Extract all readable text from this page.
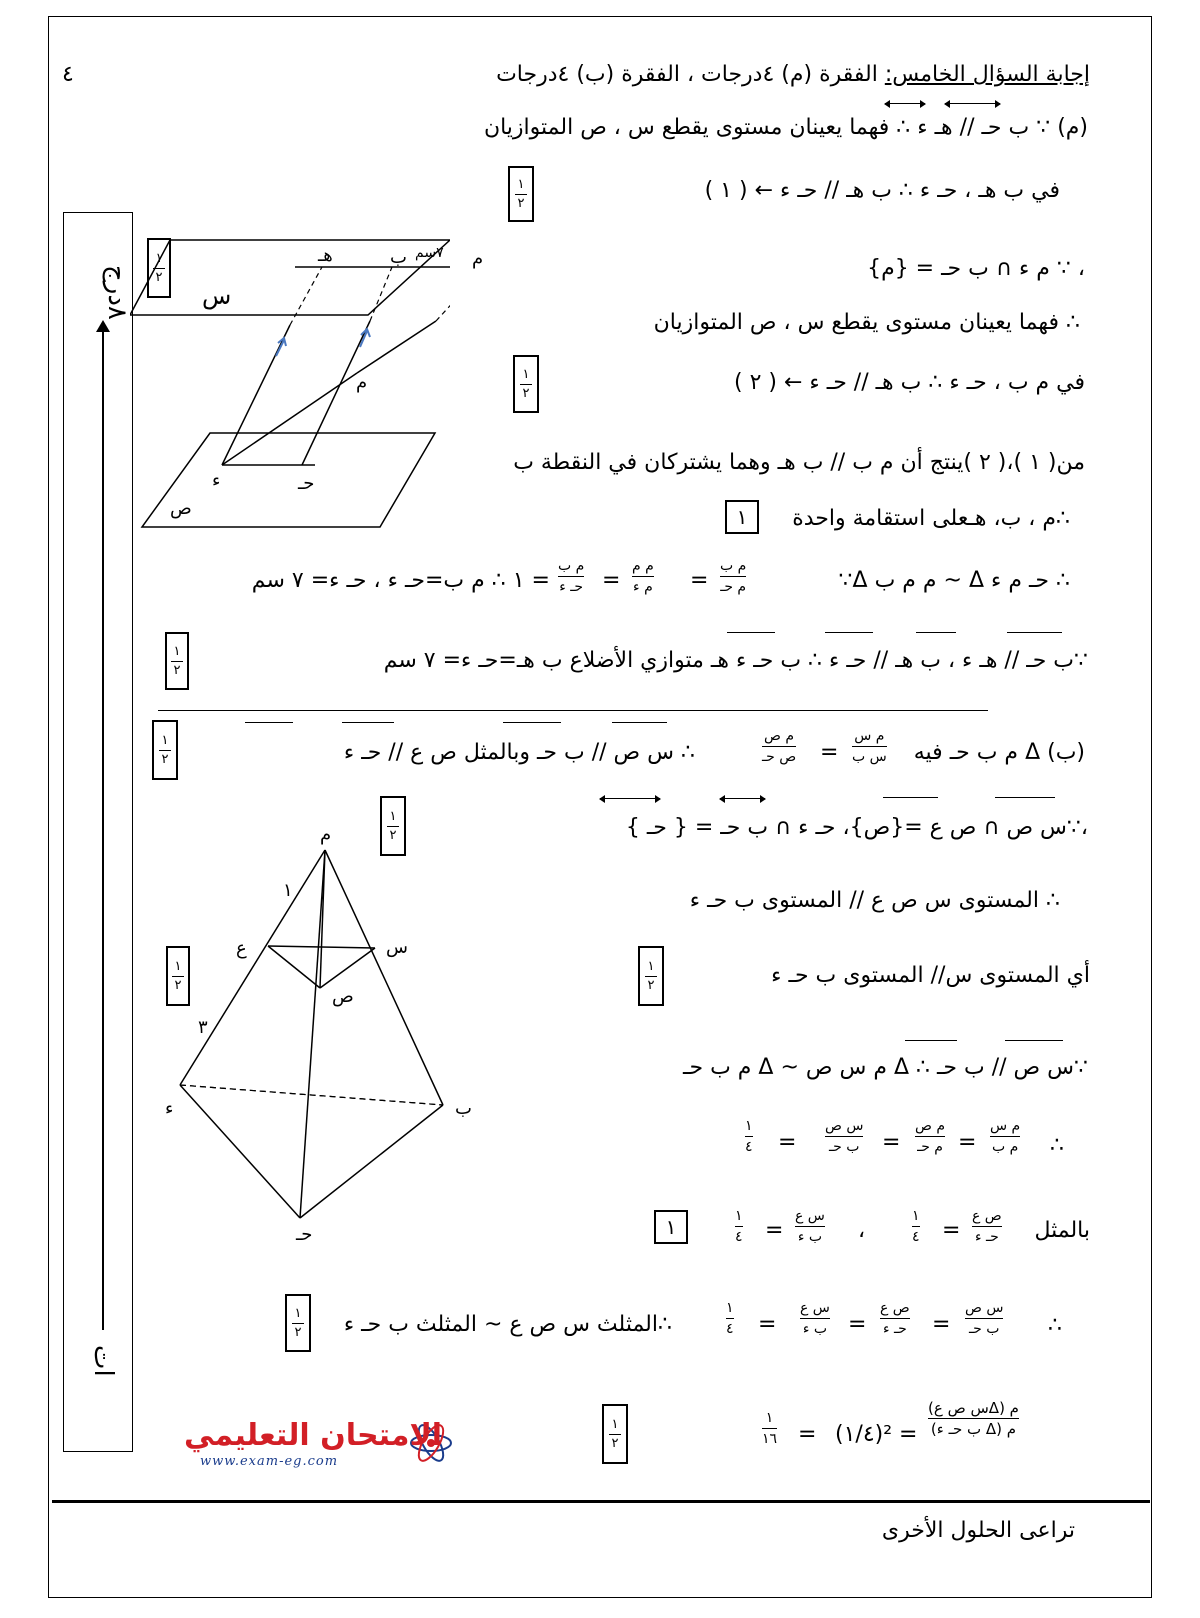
٤	إجابة السؤال الخامس: الفقرة (م) ٤درجات ، الفقرة (ب) ٤درجات
(م) ∵ ب حـ // هـ ء ∴ فهما يعينان مستوى يقطع س ، ص المتوازيان
في ب هـ ، حـ ء ∴ ب هـ // حـ ء ← ( ١ )
١
٢
، ∵ م ء ∩ ب حـ = {م}
١
٢
∴ فهما يعينان مستوى يقطع س ، ص المتوازيان
في م ب ، حـ ء ∴ ب هـ // حـ ء ← ( ٢ )
١
٢
من( ١ )،( ٢ )ينتج أن م ب // ب هـ وهما يشتركان في النقطة ب
∴م ، ب، هـعلى استقامة واحدة
١
∵Δ م م ب ~ Δ حـ م ء ∴
م ب
م حـ
=
م م
م ء
=
م ب
حـ ء
= ١ ∴ م ب=حـ ء ، حـ ء= ٧ سم
∵ب حـ // هـ ء ، ب هـ // حـ ء ∴ ب حـ ء هـ متوازي الأضلاع ب هـ=حـ ء= ٧ سم
١
٢
(ب) Δ م ب حـ فيه
م س
س ب
=
م ص
ص حـ
∴ س ص // ب حـ وبالمثل ص ع // حـ ء
١
٢
،∵س ص ∩ ص ع ={ص}، حـ ء ∩ ب حـ = { حـ }
١
٢
∴ المستوى س ص ع // المستوى ب حـ ء
أي المستوى س// المستوى ب حـ ء
١
٢
∵س ص // ب حـ ∴ Δ م س ص ~ Δ م ب حـ
∴
م س
م ب
=
م ص
م حـ
=
س ص
ب حـ
=
١
٤
بالمثل
ص ع
حـ ء
=
١
٤
،
س ع
ب ء
=
١
٤
١
∴
س ص
ب حـ
=
ص ع
حـ ء
=
س ع
ب ء
=
١
٤
∴المثلث س ص ع ~ المثلث ب حـ ء
١
٢
م (Δس ص ع)
م (Δ ب حـ ء)
(١/٤)² =
=
١
١٦
١
٢
٨درج
ات
س
ص
م
٧سم
ب
هـ
م
ء	حـ
م
١
ع	س
ص
٣
ء	ب
حـ
١
٢
الامتحان التعليمي
www.exam-eg.com
تراعى الحلول الأخرى
